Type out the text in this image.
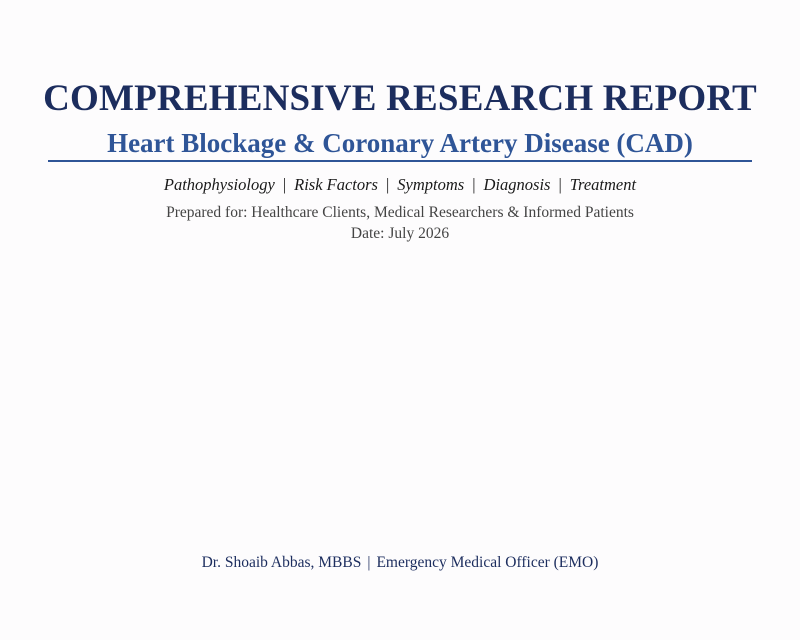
COMPREHENSIVE RESEARCH REPORT
Heart Blockage & Coronary Artery Disease (CAD)
Pathophysiology | Risk Factors | Symptoms | Diagnosis | Treatment
Prepared for: Healthcare Clients, Medical Researchers & Informed Patients
Date: July 2026
Dr. Shoaib Abbas, MBBS | Emergency Medical Officer (EMO)
